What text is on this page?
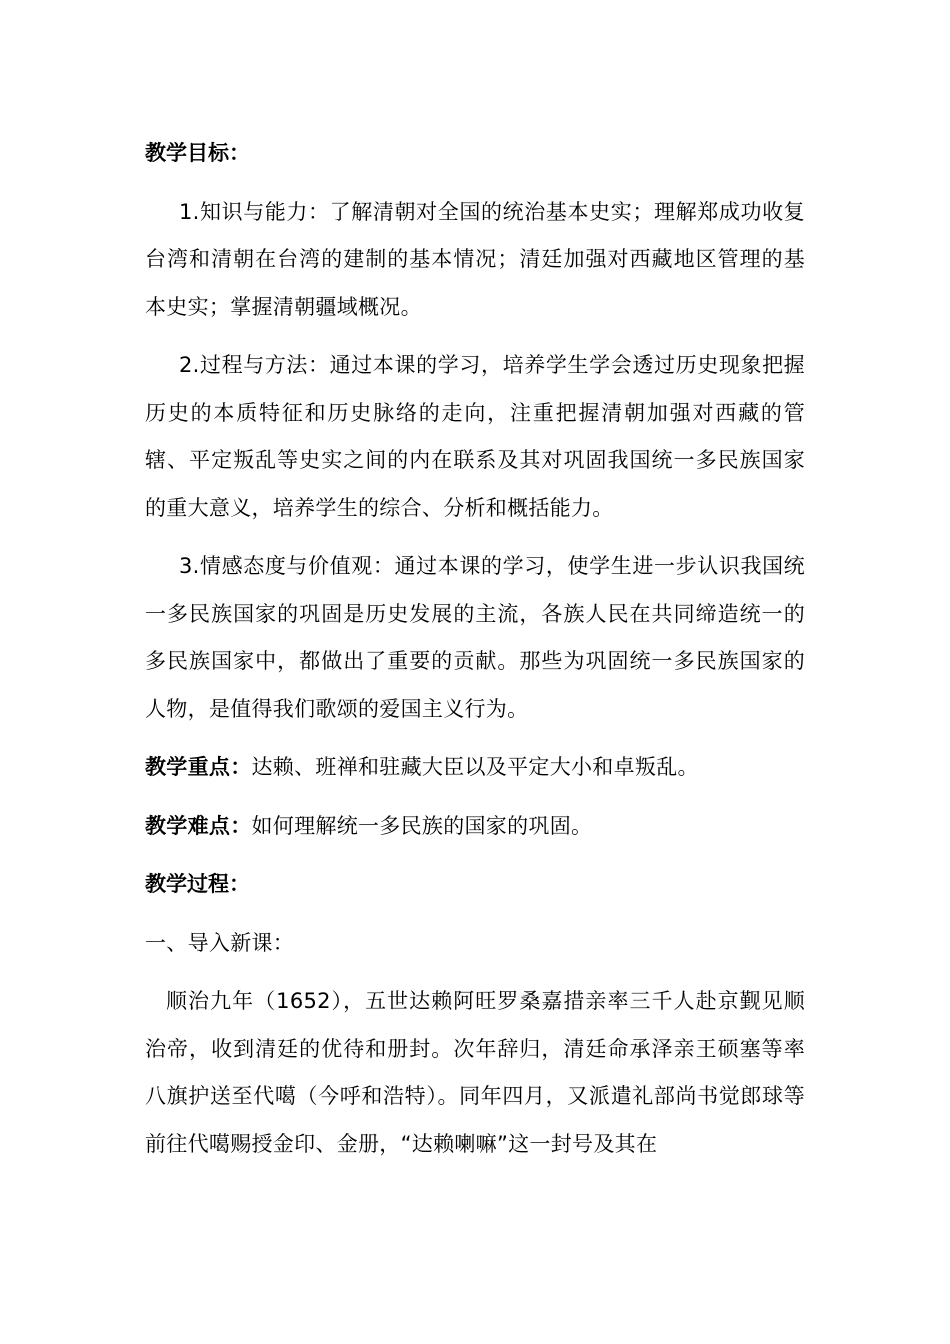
教学目标：

1.知识与能力：了解清朝对全国的统治基本史实；理解郑成功收复台湾和清朝在台湾的建制的基本情况；清廷加强对西藏地区管理的基本史实；掌握清朝疆域概况。

2.过程与方法：通过本课的学习，培养学生学会透过历史现象把握历史的本质特征和历史脉络的走向，注重把握清朝加强对西藏的管辖、平定叛乱等史实之间的内在联系及其对巩固我国统一多民族国家的重大意义，培养学生的综合、分析和概括能力。

3.情感态度与价值观：通过本课的学习，使学生进一步认识我国统一多民族国家的巩固是历史发展的主流，各族人民在共同缔造统一的多民族国家中，都做出了重要的贡献。那些为巩固统一多民族国家的人物，是值得我们歌颂的爱国主义行为。

教学重点：达赖、班禅和驻藏大臣以及平定大小和卓叛乱。

教学难点：如何理解统一多民族的国家的巩固。

教学过程：

一、导入新课：

顺治九年（1652），五世达赖阿旺罗桑嘉措亲率三千人赴京觐见顺治帝，收到清廷的优待和册封。次年辞归，清廷命承泽亲王硕塞等率八旗护送至代噶（今呼和浩特）。同年四月，又派遣礼部尚书觉郎球等前往代噶赐授金印、金册，“达赖喇嘛”这一封号及其在
